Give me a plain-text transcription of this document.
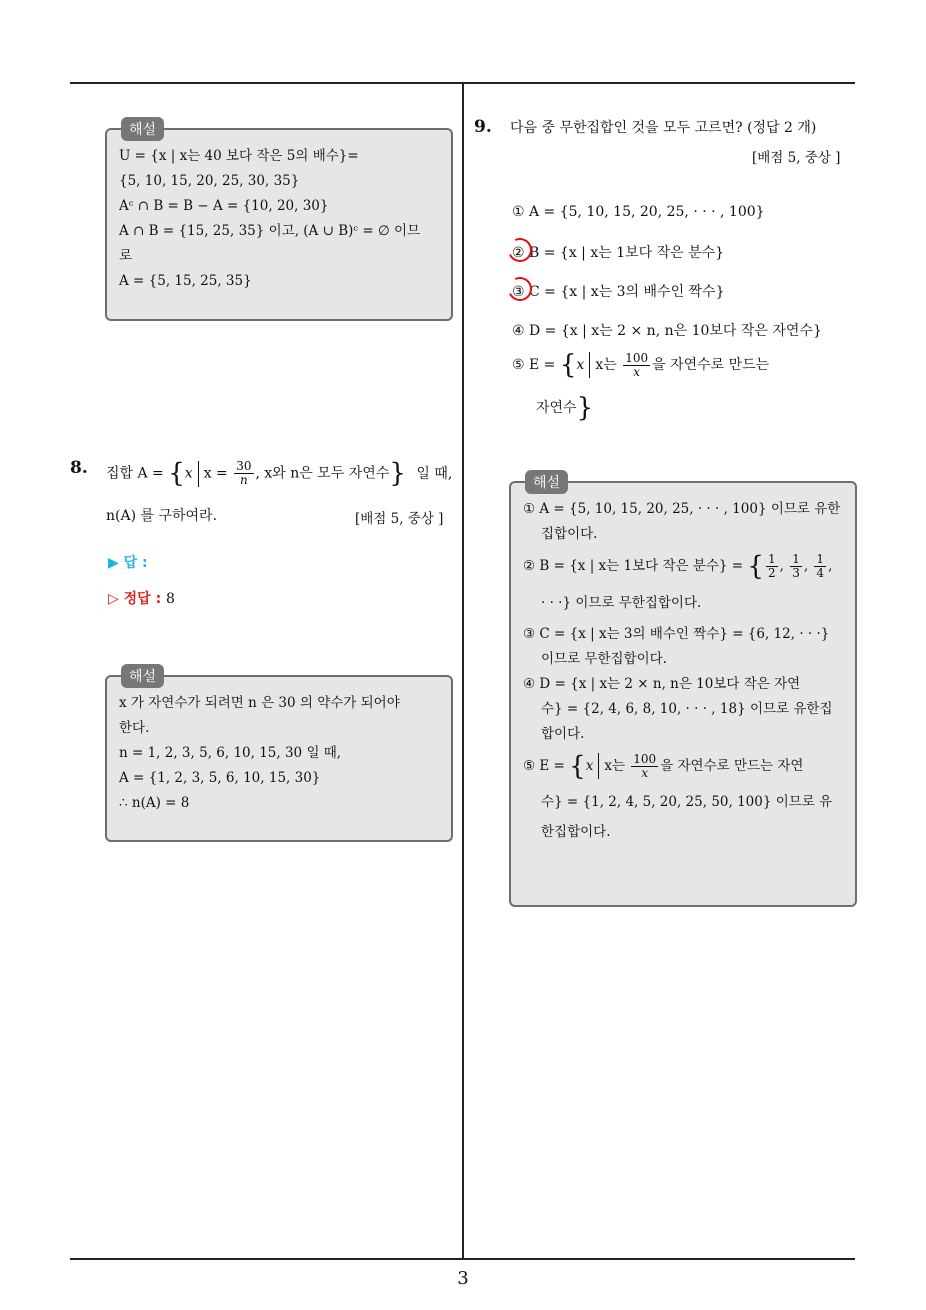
해설
U = {x | x는 40 보다 작은 5의 배수}=
{5, 10, 15, 20, 25, 30, 35}
Aᶜ ∩ B = B − A = {10, 20, 30}
A ∩ B = {15, 25, 35} 이고, (A ∪ B)ᶜ = ∅ 이므
로
A = {5, 15, 25, 35}
8. 집합 A = {x $x = \frac{30}{n}$ , x와 n은 모두 자연수} 일 때,
n(A) 를 구하여라.	[배점 5, 중상 ]
▶ 답 :
▷ 정답 : 8
해설
x 가 자연수가 되려면 n 은 30 의 약수가 되어야
한다.
n = 1, 2, 3, 5, 6, 10, 15, 30 일 때,
A = {1, 2, 3, 5, 6, 10, 15, 30}
∴ n(A) = 8
9. 다음 중 무한집합인 것을 모두 고르면? (정답 2 개)
[배점 5, 중상 ]
① A = {5, 10, 15, 20, 25, · · · , 100}
② B = {x | x는 1보다 작은 분수}
③ C = {x | x는 3의 배수인 짝수}
④ D = {x | x는 2 × n, n은 10보다 작은 자연수}
⑤ E = {x x는 $\frac{100}{x}$ 을 자연수로 만드는
자연수}
해설
① A = {5, 10, 15, 20, 25, · · · , 100} 이므로 유한
집합이다.
② B = {x | x는 1보다 작은 분수} = { $\frac{1}{2}$ , $\frac{1}{3}$ , $\frac{1}{4}$ ,
· · ·} 이므로 무한집합이다.
③ C = {x | x는 3의 배수인 짝수} = {6, 12, · · ·}
이므로 무한집합이다.
④ D = {x | x는 2 × n, n은 10보다 작은 자연
수} = {2, 4, 6, 8, 10, · · · , 18} 이므로 유한집
합이다.
⑤ E = {x x는 $\frac{100}{x}$ 을 자연수로 만드는 자연
수} = {1, 2, 4, 5, 20, 25, 50, 100} 이므로 유
한집합이다.
3
